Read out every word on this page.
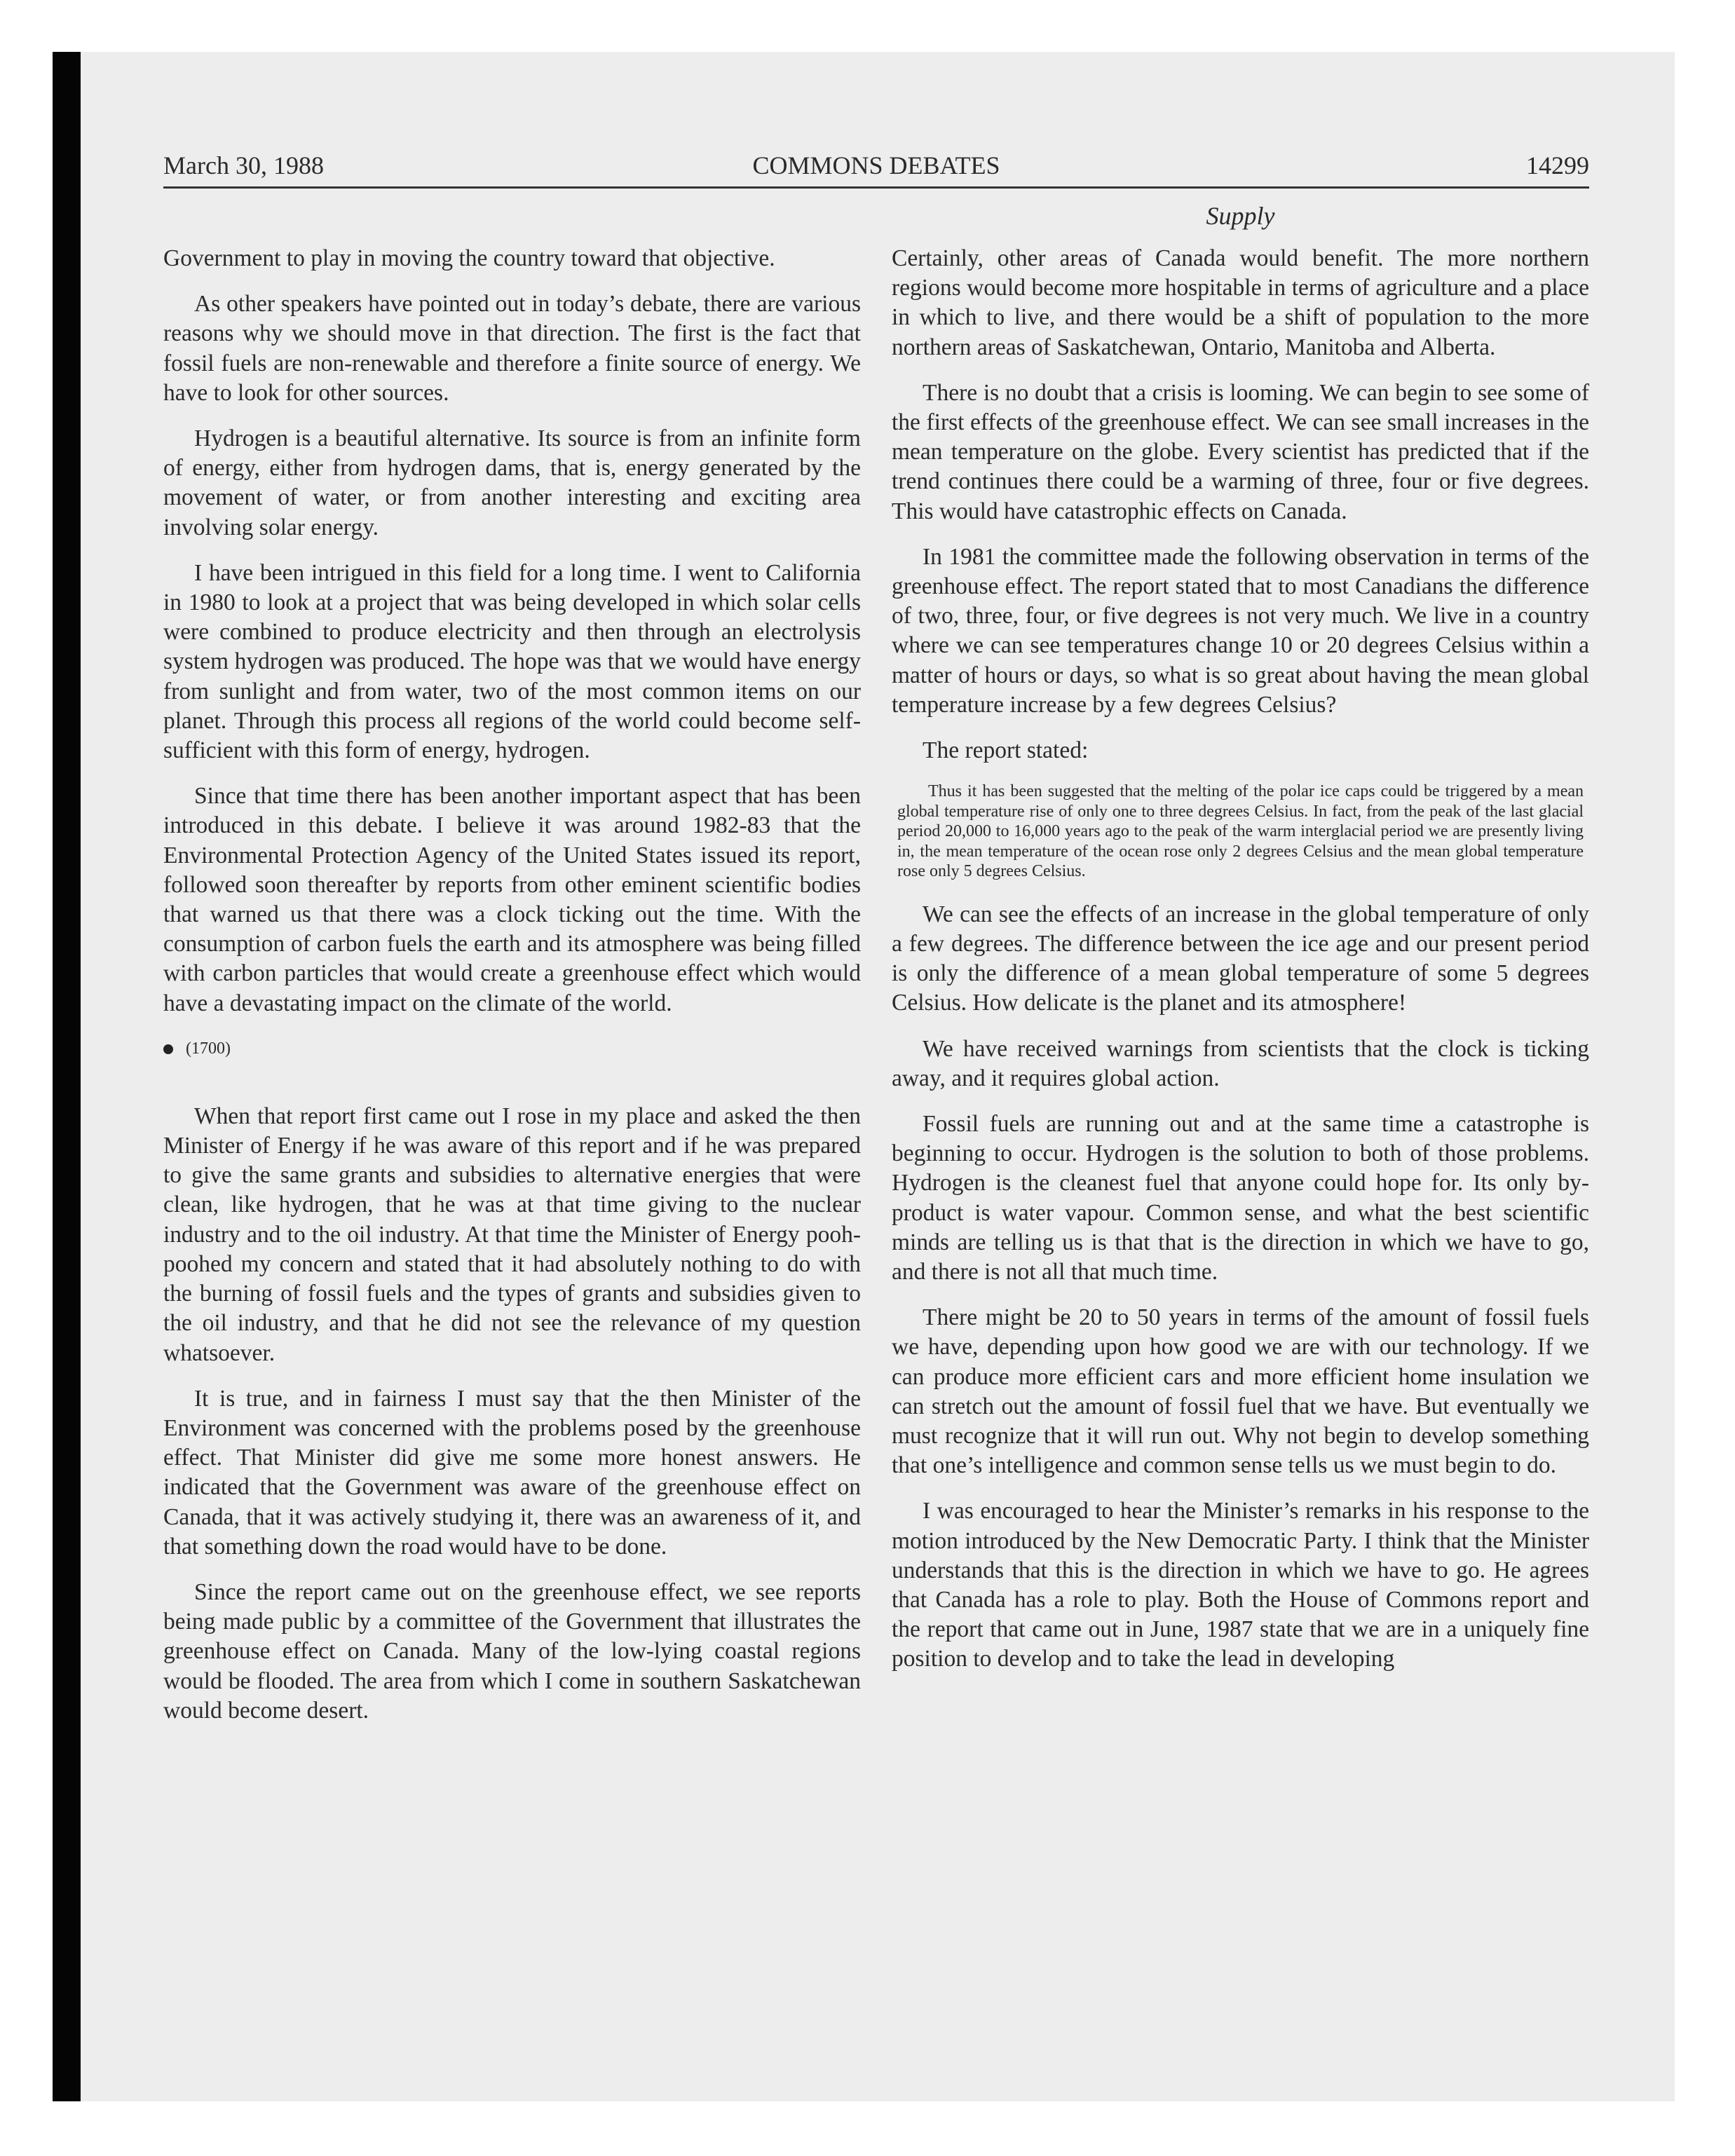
March 30, 1988	COMMONS DEBATES	14299
Supply

Government to play in moving the country toward that objective.

As other speakers have pointed out in today’s debate, there are various reasons why we should move in that direction. The first is the fact that fossil fuels are non-renewable and therefore a finite source of energy. We have to look for other sources.

Hydrogen is a beautiful alternative. Its source is from an infinite form of energy, either from hydrogen dams, that is, energy generated by the movement of water, or from another interesting and exciting area involving solar energy.

I have been intrigued in this field for a long time. I went to California in 1980 to look at a project that was being developed in which solar cells were combined to produce electricity and then through an electrolysis system hydrogen was produced. The hope was that we would have energy from sunlight and from water, two of the most common items on our planet. Through this process all regions of the world could become self-sufficient with this form of energy, hydrogen.

Since that time there has been another important aspect that has been introduced in this debate. I believe it was around 1982-83 that the Environmental Protection Agency of the United States issued its report, followed soon thereafter by reports from other eminent scientific bodies that warned us that there was a clock ticking out the time. With the consumption of carbon fuels the earth and its atmosphere was being filled with carbon particles that would create a greenhouse effect which would have a devastating impact on the climate of the world.

(1700)

When that report first came out I rose in my place and asked the then Minister of Energy if he was aware of this report and if he was prepared to give the same grants and subsidies to alternative energies that were clean, like hydrogen, that he was at that time giving to the nuclear industry and to the oil industry. At that time the Minister of Energy pooh-poohed my concern and stated that it had absolutely nothing to do with the burning of fossil fuels and the types of grants and subsidies given to the oil industry, and that he did not see the relevance of my question whatsoever.

It is true, and in fairness I must say that the then Minister of the Environment was concerned with the problems posed by the greenhouse effect. That Minister did give me some more honest answers. He indicated that the Government was aware of the greenhouse effect on Canada, that it was actively studying it, there was an awareness of it, and that something down the road would have to be done.

Since the report came out on the greenhouse effect, we see reports being made public by a committee of the Government that illustrates the greenhouse effect on Canada. Many of the low-lying coastal regions would be flooded. The area from which I come in southern Saskatchewan would become desert.

Certainly, other areas of Canada would benefit. The more northern regions would become more hospitable in terms of agriculture and a place in which to live, and there would be a shift of population to the more northern areas of Saskatchewan, Ontario, Manitoba and Alberta.

There is no doubt that a crisis is looming. We can begin to see some of the first effects of the greenhouse effect. We can see small increases in the mean temperature on the globe. Every scientist has predicted that if the trend continues there could be a warming of three, four or five degrees. This would have catastrophic effects on Canada.

In 1981 the committee made the following observation in terms of the greenhouse effect. The report stated that to most Canadians the difference of two, three, four, or five degrees is not very much. We live in a country where we can see temperatures change 10 or 20 degrees Celsius within a matter of hours or days, so what is so great about having the mean global temperature increase by a few degrees Celsius?

The report stated:

Thus it has been suggested that the melting of the polar ice caps could be triggered by a mean global temperature rise of only one to three degrees Celsius. In fact, from the peak of the last glacial period 20,000 to 16,000 years ago to the peak of the warm interglacial period we are presently living in, the mean temperature of the ocean rose only 2 degrees Celsius and the mean global temperature rose only 5 degrees Celsius.

We can see the effects of an increase in the global temperature of only a few degrees. The difference between the ice age and our present period is only the difference of a mean global temperature of some 5 degrees Celsius. How delicate is the planet and its atmosphere!

We have received warnings from scientists that the clock is ticking away, and it requires global action.

Fossil fuels are running out and at the same time a catastrophe is beginning to occur. Hydrogen is the solution to both of those problems. Hydrogen is the cleanest fuel that anyone could hope for. Its only by-product is water vapour. Common sense, and what the best scientific minds are telling us is that that is the direction in which we have to go, and there is not all that much time.

There might be 20 to 50 years in terms of the amount of fossil fuels we have, depending upon how good we are with our technology. If we can produce more efficient cars and more efficient home insulation we can stretch out the amount of fossil fuel that we have. But eventually we must recognize that it will run out. Why not begin to develop something that one’s intelligence and common sense tells us we must begin to do.

I was encouraged to hear the Minister’s remarks in his response to the motion introduced by the New Democratic Party. I think that the Minister understands that this is the direction in which we have to go. He agrees that Canada has a role to play. Both the House of Commons report and the report that came out in June, 1987 state that we are in a uniquely fine position to develop and to take the lead in developing
